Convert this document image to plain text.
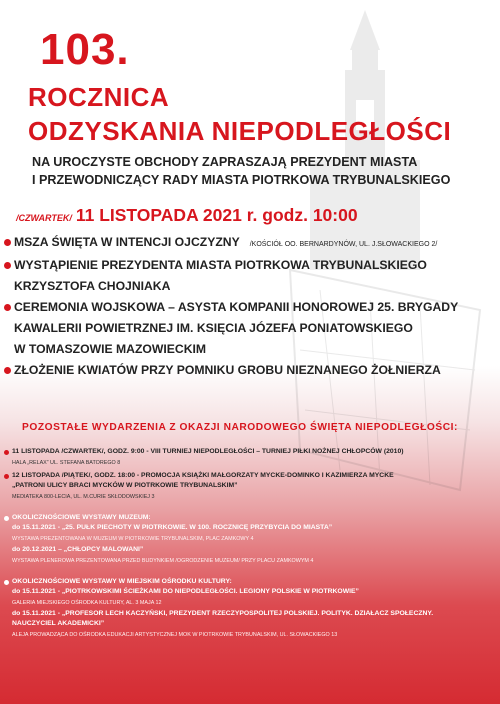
103.
ROCZNICA
ODZYSKANIA NIEPODLEGŁOŚCI
NA UROCZYSTE OBCHODY ZAPRASZAJĄ PREZYDENT MIASTA
I PRZEWODNICZĄCY RADY MIASTA PIOTRKOWA TRYBUNALSKIEGO
/CZWARTEK/ 11 LISTOPADA 2021 r. godz. 10:00
MSZA ŚWIĘTA W INTENCJI OJCZYZNY /KOŚCIÓŁ OO. BERNARDYNÓW, UL. J.SŁOWACKIEGO 2/
WYSTĄPIENIE PREZYDENTA MIASTA PIOTRKOWA TRYBUNALSKIEGO
KRZYSZTOFA CHOJNIAKA
CEREMONIA WOJSKOWA – ASYSTA KOMPANII HONOROWEJ 25. BRYGADY
KAWALERII POWIETRZNEJ IM. KSIĘCIA JÓZEFA PONIATOWSKIEGO
W TOMASZOWIE MAZOWIECKIM
ZŁOŻENIE KWIATÓW PRZY POMNIKU GROBU NIEZNANEGO ŻOŁNIERZA
POZOSTAŁE WYDARZENIA Z OKAZJI NARODOWEGO ŚWIĘTA NIEPODLEGŁOŚCI:
11 LISTOPADA /CZWARTEK/, GODZ. 9:00 - VIII TURNIEJ NIEPODLEGŁOŚCI – TURNIEJ PIŁKI NOŻNEJ CHŁOPCÓW (2010)
HALA „RELAX” UL. STEFANA BATOREGO 8
12 LISTOPADA /PIĄTEK/, GODZ. 18:00 - PROMOCJA KSIĄŻKI MAŁGORZATY MYCKE-DOMINKO I KAZIMIERZA MYCKE
„PATRONI ULICY BRACI MYCKÓW W PIOTRKOWIE TRYBUNALSKIM”
MEDIATEKA 800-LECIA, UL. M.CURIE SKŁODOWSKIEJ 3
OKOLICZNOŚCIOWE WYSTAWY MUZEUM:
do 15.11.2021 - „25. PUŁK PIECHOTY W PIOTRKOWIE. W 100. ROCZNICĘ PRZYBYCIA DO MIASTA”
WYSTAWA PREZENTOWANA W MUZEUM W PIOTRKOWIE TRYBUNALSKIM, PLAC ZAMKOWY 4
do 20.12.2021 – „CHŁOPCY MALOWANI”
WYSTAWA PLENEROWA PREZENTOWANA PRZED BUDYNKIEM /OGRODZENIE MUZEUM/ PRZY PLACU ZAMKOWYM 4
OKOLICZNOŚCIOWE WYSTAWY W MIEJSKIM OŚRODKU KULTURY:
do 15.11.2021 - „PIOTRKOWSKIMI ŚCIEŻKAMI DO NIEPODLEGŁOŚCI. LEGIONY POLSKIE W PIOTRKOWIE”
GALERIA MIEJSKIEGO OŚRODKA KULTURY, AL. 3 MAJA 12
do 15.11.2021 - „PROFESOR LECH KACZYŃSKI, PREZYDENT RZECZYPOSPOLITEJ POLSKIEJ. POLITYK. DZIAŁACZ SPOŁECZNY.
NAUCZYCIEL AKADEMICKI”
ALEJA PROWADZĄCA DO OŚRODKA EDUKACJI ARTYSTYCZNEJ MOK W PIOTRKOWIE TRYBUNALSKIM, UL. SŁOWACKIEGO 13
